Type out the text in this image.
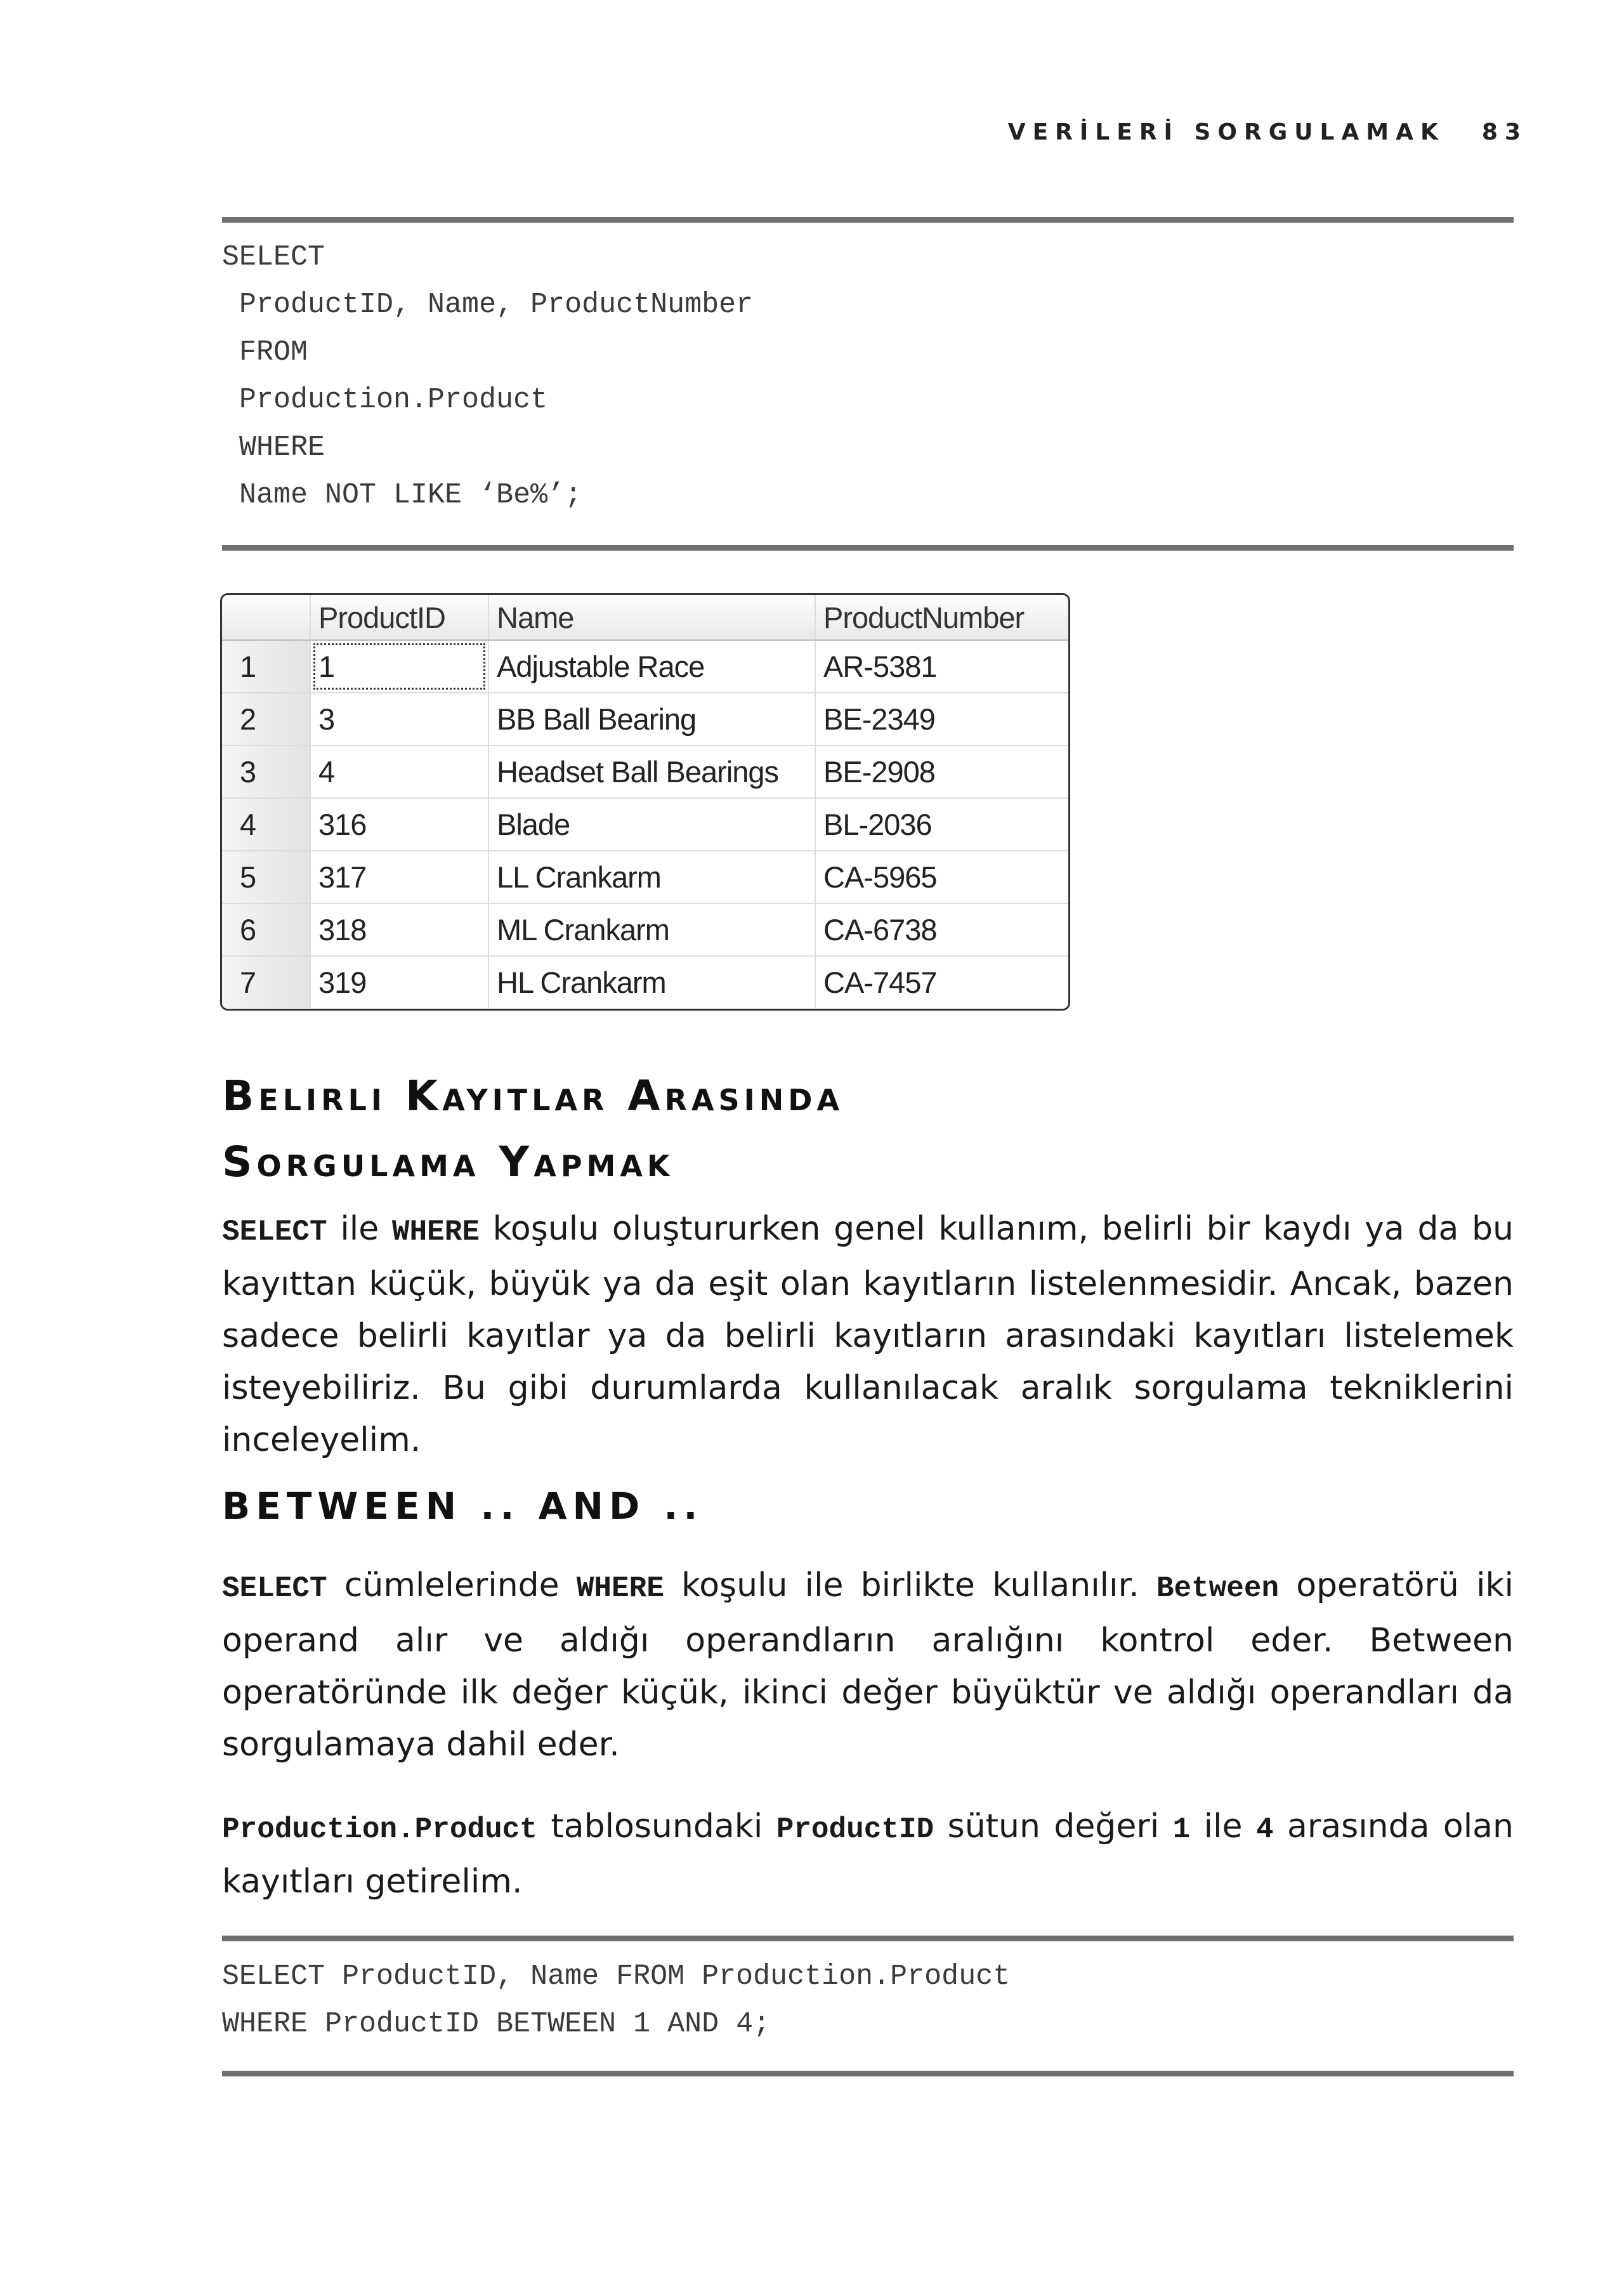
VERİLERİ SORGULAMAK 83
SELECT
ProductID, Name, ProductNumber
FROM
Production.Product
WHERE
Name NOT LIKE ‘Be%’;
	ProductID	Name	ProductNumber
1	1	Adjustable Race	AR-5381
2	3	BB Ball Bearing	BE-2349
3	4	Headset Ball Bearings	BE-2908
4	316	Blade	BL-2036
5	317	LL Crankarm	CA-5965
6	318	ML Crankarm	CA-6738
7	319	HL Crankarm	CA-7457
Belirli Kayıtlar Arasında
Sorgulama Yapmak

SELECT ile WHERE koşulu oluştururken genel kullanım, belirli bir kaydı ya da bu kayıttan küçük, büyük ya da eşit olan kayıtların listelenmesidir. Ancak, bazen sadece belirli kayıtlar ya da belirli kayıtların arasındaki kayıtları listelemek isteyebiliriz. Bu gibi durumlarda kullanılacak aralık sorgulama tekniklerini inceleyelim.

BETWEEN .. AND ..

SELECT cümlelerinde WHERE koşulu ile birlikte kullanılır. Between operatörü iki operand alır ve aldığı operandların aralığını kontrol eder. Between operatöründe ilk değer küçük, ikinci değer büyüktür ve aldığı operandları da sorgulamaya dahil eder.

Production.Product tablosundaki ProductID sütun değeri 1 ile 4 arasında olan kayıtları getirelim.

SELECT ProductID, Name FROM Production.Product
WHERE ProductID BETWEEN 1 AND 4;
